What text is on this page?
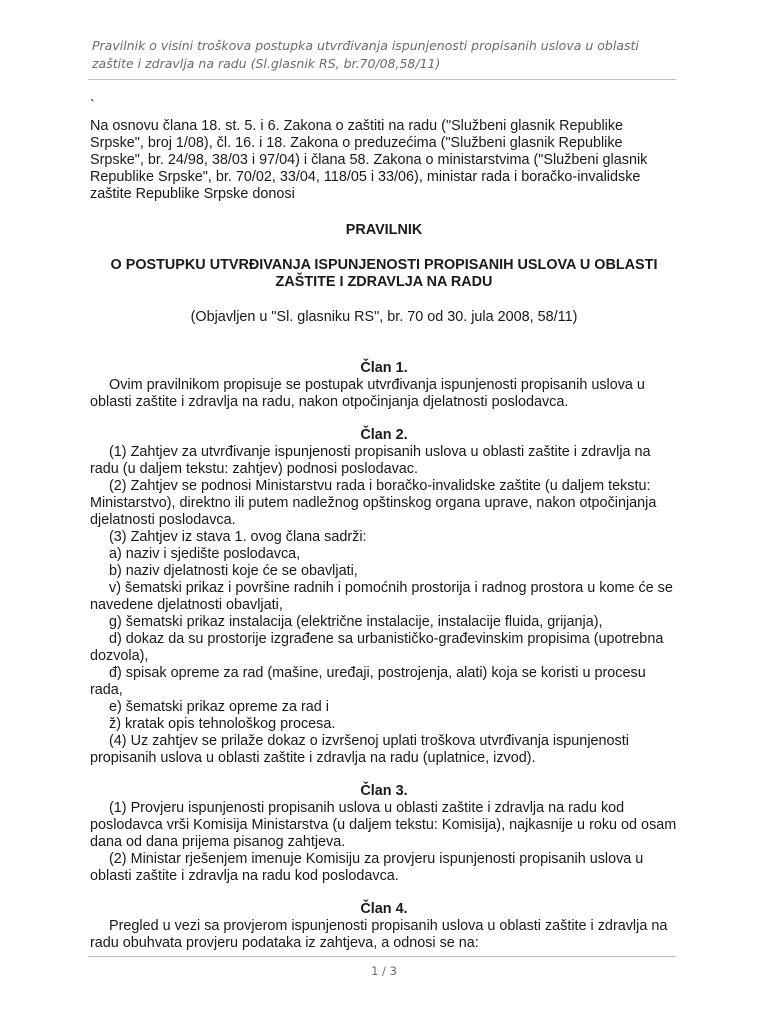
Pravilnik o visini troškova postupka utvrđivanja ispunjenosti propisanih uslova u oblasti zaštite i zdravlja na radu (Sl.glasnik RS, br.70/08,58/11)
`

Na osnovu člana 18. st. 5. i 6. Zakona o zaštiti na radu ("Službeni glasnik Republike Srpske", broj 1/08), čl. 16. i 18. Zakona o preduzećima ("Službeni glasnik Republike Srpske", br. 24/98, 38/03 i 97/04) i člana 58. Zakona o ministarstvima ("Službeni glasnik Republike Srpske", br. 70/02, 33/04, 118/05 i 33/06), ministar rada i boračko-invalidske zaštite Republike Srpske donosi

PRAVILNIK

O POSTUPKU UTVRĐIVANJA ISPUNJENOSTI PROPISANIH USLOVA U OBLASTI ZAŠTITE I ZDRAVLJA NA RADU

(Objavljen u "Sl. glasniku RS", br. 70 od 30. jula 2008, 58/11)

Član 1.

Ovim pravilnikom propisuje se postupak utvrđivanja ispunjenosti propisanih uslova u oblasti zaštite i zdravlja na radu, nakon otpočinjanja djelatnosti poslodavca.

Član 2.

(1) Zahtjev za utvrđivanje ispunjenosti propisanih uslova u oblasti zaštite i zdravlja na radu (u daljem tekstu: zahtjev) podnosi poslodavac.

(2) Zahtjev se podnosi Ministarstvu rada i boračko-invalidske zaštite (u daljem tekstu: Ministarstvo), direktno ili putem nadležnog opštinskog organa uprave, nakon otpočinjanja djelatnosti poslodavca.

(3) Zahtjev iz stava 1. ovog člana sadrži:

a) naziv i sjedište poslodavca,

b) naziv djelatnosti koje će se obavljati,

v) šematski prikaz i površine radnih i pomoćnih prostorija i radnog prostora u kome će se navedene djelatnosti obavljati,

g) šematski prikaz instalacija (električne instalacije, instalacije fluida, grijanja),

d) dokaz da su prostorije izgrađene sa urbanističko-građevinskim propisima (upotrebna dozvola),

đ) spisak opreme za rad (mašine, uređaji, postrojenja, alati) koja se koristi u procesu rada,

e) šematski prikaz opreme za rad i

ž) kratak opis tehnološkog procesa.

(4) Uz zahtjev se prilaže dokaz o izvršenoj uplati troškova utvrđivanja ispunjenosti propisanih uslova u oblasti zaštite i zdravlja na radu (uplatnice, izvod).

Član 3.

(1) Provjeru ispunjenosti propisanih uslova u oblasti zaštite i zdravlja na radu kod poslodavca vrši Komisija Ministarstva (u daljem tekstu: Komisija), najkasnije u roku od osam dana od dana prijema pisanog zahtjeva.

(2) Ministar rješenjem imenuje Komisiju za provjeru ispunjenosti propisanih uslova u oblasti zaštite i zdravlja na radu kod poslodavca.

Član 4.

Pregled u vezi sa provjerom ispunjenosti propisanih uslova u oblasti zaštite i zdravlja na radu obuhvata provjeru podataka iz zahtjeva, a odnosi se na:

1 / 3
